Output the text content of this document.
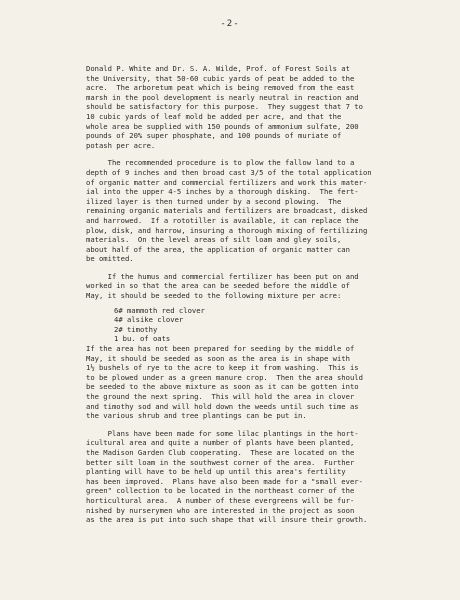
-2-

Donald P. White and Dr. S. A. Wilde, Prof. of Forest Soils at

the University, that 50-60 cubic yards of peat be added to the

acre.  The arboretum peat which is being removed from the east

marsh in the pool development is nearly neutral in reaction and

should be satisfactory for this purpose.  They suggest that 7 to

10 cubic yards of leaf mold be added per acre, and that the

whole area be supplied with 150 pounds of ammonium sulfate, 200

pounds of 20% super phosphate, and 100 pounds of muriate of

potash per acre.

The recommended procedure is to plow the fallow land to a

depth of 9 inches and then broad cast 3/5 of the total application

of organic matter and commercial fertilizers and work this mater-

ial into the upper 4-5 inches by a thorough disking.  The fert-

ilized layer is then turned under by a second plowing.  The

remaining organic materials and fertilizers are broadcast, disked

and harrowed.  If a rototiller is available, it can replace the

plow, disk, and harrow, insuring a thorough mixing of fertilizing

materials.  On the level areas of silt loam and gley soils,

about half of the area, the application of organic matter can

be omitted.

If the humus and commercial fertilizer has been put on and

worked in so that the area can be seeded before the middle of

May, it should be seeded to the following mixture per acre:

6# mammoth red clover

4# alsike clover

2# timothy

1 bu. of oats

If the area has not been prepared for seeding by the middle of

May, it should be seeded as soon as the area is in shape with

1½ bushels of rye to the acre to keep it from washing.  This is

to be plowed under as a green manure crop.  Then the area should

be seeded to the above mixture as soon as it can be gotten into

the ground the next spring.  This will hold the area in clover

and timothy sod and will hold down the weeds until such time as

the various shrub and tree plantings can be put in.

Plans have been made for some lilac plantings in the hort-

icultural area and quite a number of plants have been planted,

the Madison Garden Club cooperating.  These are located on the

better silt loam in the southwest corner of the area.  Further

planting will have to be held up until this area's fertility

has been improved.  Plans have also been made for a "small ever-

green" collection to be located in the northeast corner of the

horticultural area.  A number of these evergreens will be fur-

nished by nurserymen who are interested in the project as soon

as the area is put into such shape that will insure their growth.
